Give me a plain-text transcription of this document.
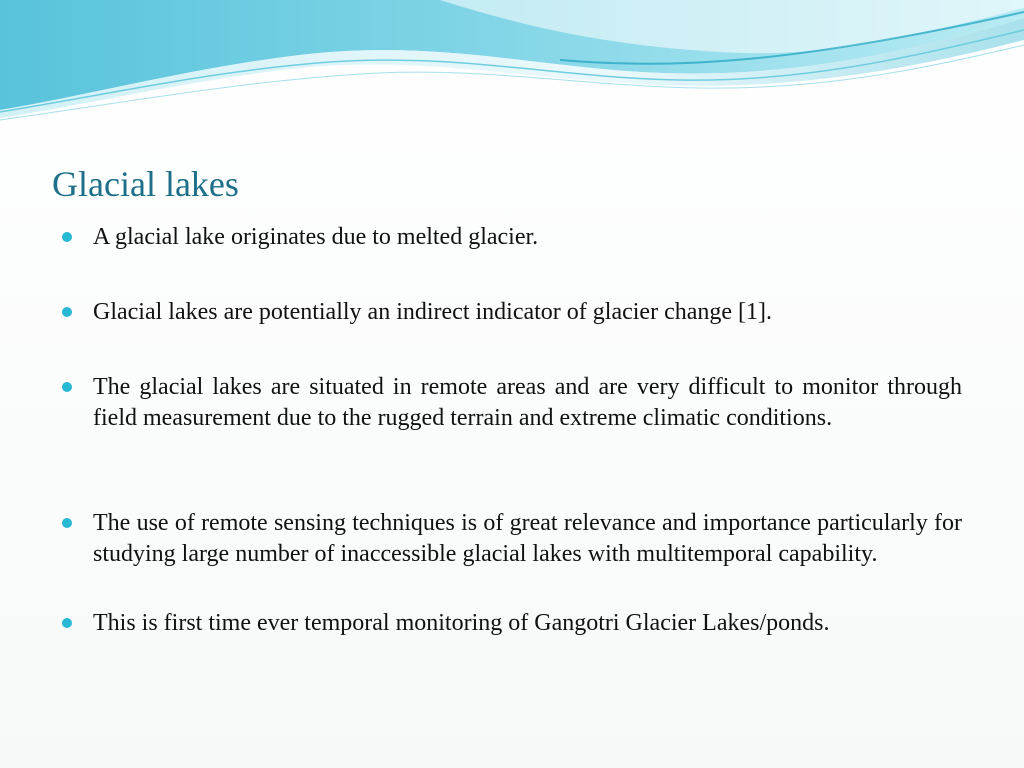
Glacial lakes
A glacial lake originates due to melted glacier.
Glacial lakes are potentially an indirect indicator of glacier change [1].
The glacial lakes are situated in remote areas and are very difficult to monitor through field measurement due to the rugged terrain and extreme climatic conditions.
The use of remote sensing techniques is of great relevance and importance particularly for studying large number of inaccessible glacial lakes with multitemporal capability.
This is first time ever temporal monitoring of Gangotri Glacier Lakes/ponds.
